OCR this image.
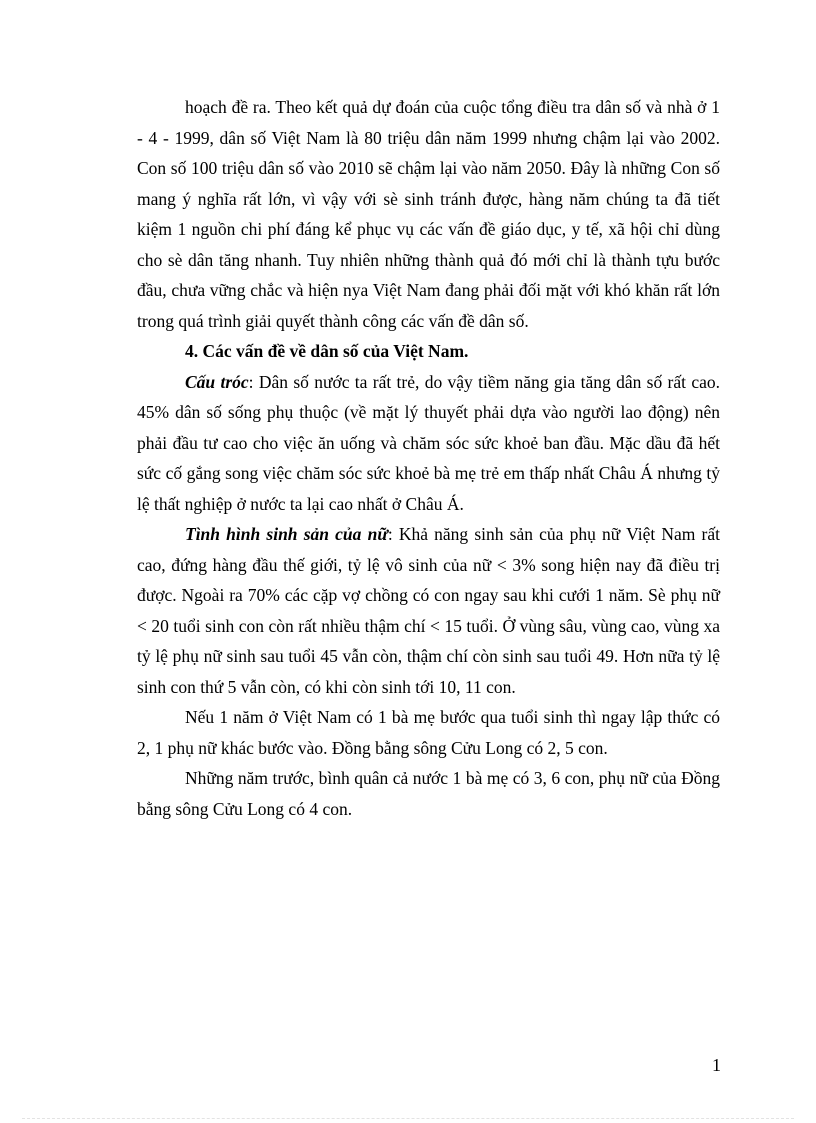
hoạch đề ra. Theo kết quả dự đoán của cuộc tổng điều tra dân số và nhà ở 1 - 4 - 1999, dân số Việt Nam là 80 triệu dân năm 1999 nhưng chậm lại vào 2002. Con số 100 triệu dân số vào 2010 sẽ chậm lại vào năm 2050. Đây là những Con số mang ý nghĩa rất lớn, vì vậy với sè sinh tránh được, hàng năm chúng ta đã tiết kiệm 1 nguồn chi phí đáng kể phục vụ các vấn đề giáo dục, y tế, xã hội chỉ dùng cho sè dân tăng nhanh. Tuy nhiên những thành quả đó mới chỉ là thành tựu bước đầu, chưa vững chắc và hiện nya Việt Nam đang phải đối mặt với khó khăn rất lớn trong quá trình giải quyết thành công các vấn đề dân số.

4. Các vấn đề về dân số của Việt Nam.

Cấu tróc: Dân số nước ta rất trẻ, do vậy tiềm năng gia tăng dân số rất cao. 45% dân số sống phụ thuộc (về mặt lý thuyết phải dựa vào người lao động) nên phải đầu tư cao cho việc ăn uống và chăm sóc sức khoẻ ban đầu. Mặc dầu đã hết sức cố gắng song việc chăm sóc sức khoẻ bà mẹ trẻ em thấp nhất Châu Á nhưng tỷ lệ thất nghiệp ở nước ta lại cao nhất ở Châu Á.

Tình hình sinh sản của nữ: Khả năng sinh sản của phụ nữ Việt Nam rất cao, đứng hàng đầu thế giới, tỷ lệ vô sinh của nữ < 3% song hiện nay đã điều trị được. Ngoài ra 70% các cặp vợ chồng có con ngay sau khi cưới 1 năm. Sè phụ nữ < 20 tuổi sinh con còn rất nhiều thậm chí < 15 tuổi. Ở vùng sâu, vùng cao, vùng xa tỷ lệ phụ nữ sinh sau tuổi 45 vẫn còn, thậm chí còn sinh sau tuổi 49. Hơn nữa tỷ lệ sinh con thứ 5 vẫn còn, có khi còn sinh tới 10, 11 con.

Nếu 1 năm ở Việt Nam có 1 bà mẹ bước qua tuổi sinh thì ngay lập thức có 2, 1 phụ nữ khác bước vào. Đồng bằng sông Cửu Long có 2, 5 con.

Những năm trước, bình quân cả nước 1 bà mẹ có 3, 6 con, phụ nữ của Đồng bằng sông Cửu Long có 4 con.

1
